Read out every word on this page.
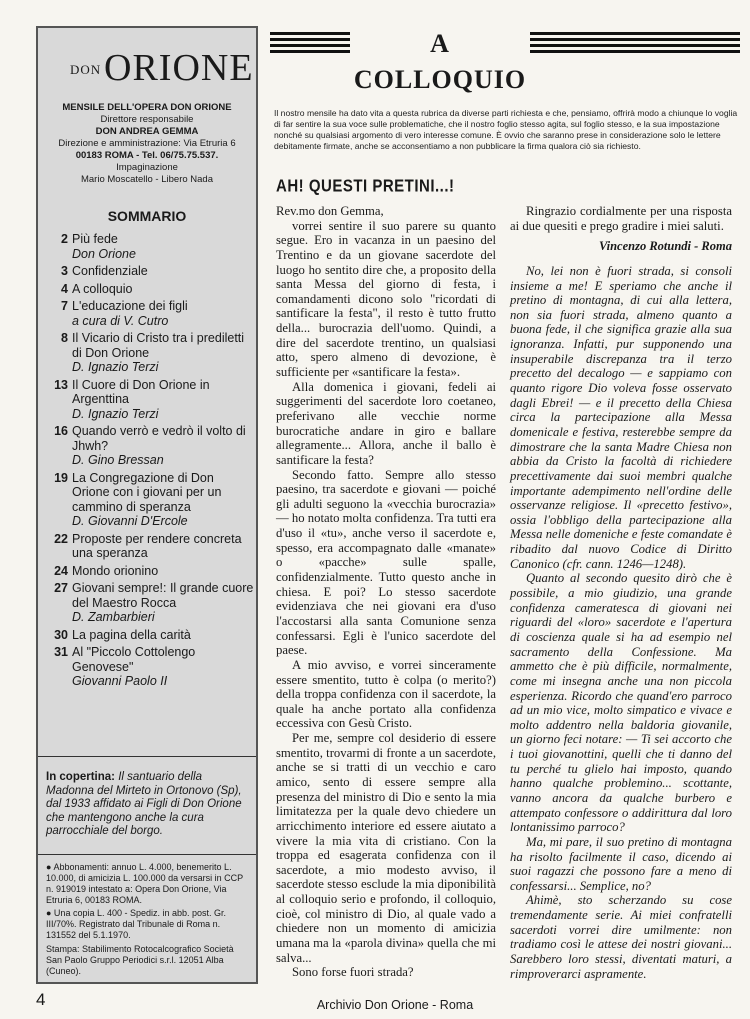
DON ORIONE
MENSILE DELL'OPERA DON ORIONE
Direttore responsabile
DON ANDREA GEMMA
Direzione e amministrazione: Via Etruria 6
00183 ROMA - Tel. 06/75.75.537.
Impaginazione
Mario Moscatello - Libero Nada
SOMMARIO
2 Più fede
Don Orione
3 Confidenziale
4 A colloquio
7 L'educazione dei figli
a cura di V. Cutro
8 Il Vicario di Cristo tra i prediletti di Don Orione
D. Ignazio Terzi
13 Il Cuore di Don Orione in Argenttina
D. Ignazio Terzi
16 Quando verrò e vedrò il volto di Jhwh?
D. Gino Bressan
19 La Congregazione di Don Orione con i giovani per un cammino di speranza
D. Giovanni D'Ercole
22 Proposte per rendere concreta una speranza
24 Mondo orionino
27 Giovani sempre!: Il grande cuore del Maestro Rocca
D. Zambarbieri
30 La pagina della carità
31 Al "Piccolo Cottolengo Genovese"
Giovanni Paolo II
In copertina: Il santuario della Madonna del Mirteto in Ortonovo (Sp), dal 1933 affidato ai Figli di Don Orione che mantengono anche la cura parrocchiale del borgo.
● Abbonamenti: annuo L. 4.000, benemerito L. 10.000, di amicizia L. 100.000 da versarsi in CCP n. 919019 intestato a: Opera Don Orione, Via Etruria 6, 00183 ROMA.
● Una copia L. 400 - Spediz. in abb. post. Gr. III/70%. Registrato dal Tribunale di Roma n. 131552 del 5.1.1970.
Stampa: Stabilimento Rotocalcografico Società San Paolo Gruppo Periodici s.r.l. 12051 Alba (Cuneo).
A COLLOQUIO
Il nostro mensile ha dato vita a questa rubrica da diverse parti richiesta e che, pensiamo, offrirà modo a chiunque lo voglia di far sentire la sua voce sulle problematiche, che il nostro foglio stesso agita, sul foglio stesso, e la sua impostazione nonché su qualsiasi argomento di vero interesse comune. È ovvio che saranno prese in considerazione solo le lettere debitamente firmate, anche se acconsentiamo a non pubblicare la firma qualora ciò sia richiesto.
AH! QUESTI PRETINI...!

Rev.mo don Gemma,

vorrei sentire il suo parere su quanto segue. Ero in vacanza in un paesino del Trentino e da un giovane sacerdote del luogo ho sentito dire che, a proposito della santa Messa del giorno di festa, i comandamenti dicono solo "ricordati di santificare la festa", il resto è tutto frutto della... burocrazia dell'uomo. Quindi, a dire del sacerdote trentino, un qualsiasi atto, spero almeno di devozione, è sufficiente per «santificare la festa».

Alla domenica i giovani, fedeli ai suggerimenti del sacerdote loro coetaneo, preferivano alle vecchie norme burocratiche andare in giro e ballare allegramente... Allora, anche il ballo è santificare la festa?

Secondo fatto. Sempre allo stesso paesino, tra sacerdote e giovani — poiché gli adulti seguono la «vecchia burocrazia» — ho notato molta confidenza. Tra tutti era d'uso il «tu», anche verso il sacerdote e, spesso, era accompagnato dalle «manate» o «pacche» sulle spalle, confidenzialmente. Tutto questo anche in chiesa. E poi? Lo stesso sacerdote evidenziava che nei giovani era d'uso l'accostarsi alla santa Comunione senza confessarsi. Egli è l'unico sacerdote del paese.

A mio avviso, e vorrei sinceramente essere smentito, tutto è colpa (o merito?) della troppa confidenza con il sacerdote, la quale ha anche portato alla confidenza eccessiva con Gesù Cristo.

Per me, sempre col desiderio di essere smentito, trovarmi di fronte a un sacerdote, anche se si tratti di un vecchio e caro amico, sento di essere sempre alla presenza del ministro di Dio e sento la mia limitatezza per la quale devo chiedere un arricchimento interiore ed essere aiutato a vivere la mia vita di cristiano. Con la troppa ed esagerata confidenza con il sacerdote, a mio modesto avviso, il sacerdote stesso esclude la mia diponibilità al colloquio serio e profondo, il colloquio, cioè, col ministro di Dio, al quale vado a chiedere non un momento di amicizia umana ma la «parola divina» quella che mi salva...

Sono forse fuori strada?

Ringrazio cordialmente per una risposta ai due quesiti e prego gradire i miei saluti.

Vincenzo Rotundi - Roma

No, lei non è fuori strada, si consoli insieme a me! E speriamo che anche il pretino di montagna, di cui alla lettera, non sia fuori strada, almeno quanto a buona fede, il che significa grazie alla sua ignoranza. Infatti, pur supponendo una insuperabile discrepanza tra il terzo precetto del decalogo — e sappiamo con quanto rigore Dio voleva fosse osservato dagli Ebrei! — e il precetto della Chiesa circa la partecipazione alla Messa domenicale e festiva, resterebbe sempre da dimostrare che la santa Madre Chiesa non abbia da Cristo la facoltà di richiedere precettivamente dai suoi membri qualche importante adempimento nell'ordine delle osservanze religiose. Il «precetto festivo», ossia l'obbligo della partecipazione alla Messa nelle domeniche e feste comandate è ribadito dal nuovo Codice di Diritto Canonico (cfr. cann. 1246—1248).

Quanto al secondo quesito dirò che è possibile, a mio giudizio, una grande confidenza cameratesca di giovani nei riguardi del «loro» sacerdote e l'apertura di coscienza quale si ha ad esempio nel sacramento della Confessione. Ma ammetto che è più difficile, normalmente, come mi insegna anche una non piccola esperienza. Ricordo che quand'ero parroco ad un mio vice, molto simpatico e vivace e molto addentro nella baldoria giovanile, un giorno feci notare: — Ti sei accorto che i tuoi giovanottini, quelli che ti danno del tu perché tu glielo hai imposto, quando hanno qualche problemino... scottante, vanno ancora da qualche burbero e attempato confessore o addirittura dal loro lontanissimo parroco?

Ma, mi pare, il suo pretino di montagna ha risolto facilmente il caso, dicendo ai suoi ragazzi che possono fare a meno di confessarsi... Semplice, no?

Ahimè, sto scherzando su cose tremendamente serie. Ai miei confratelli sacerdoti vorrei dire umilmente: non tradiamo così le attese dei nostri giovani... Sarebbero loro stessi, diventati maturi, a rimproverarci aspramente.

4	Archivio Don Orione - Roma
